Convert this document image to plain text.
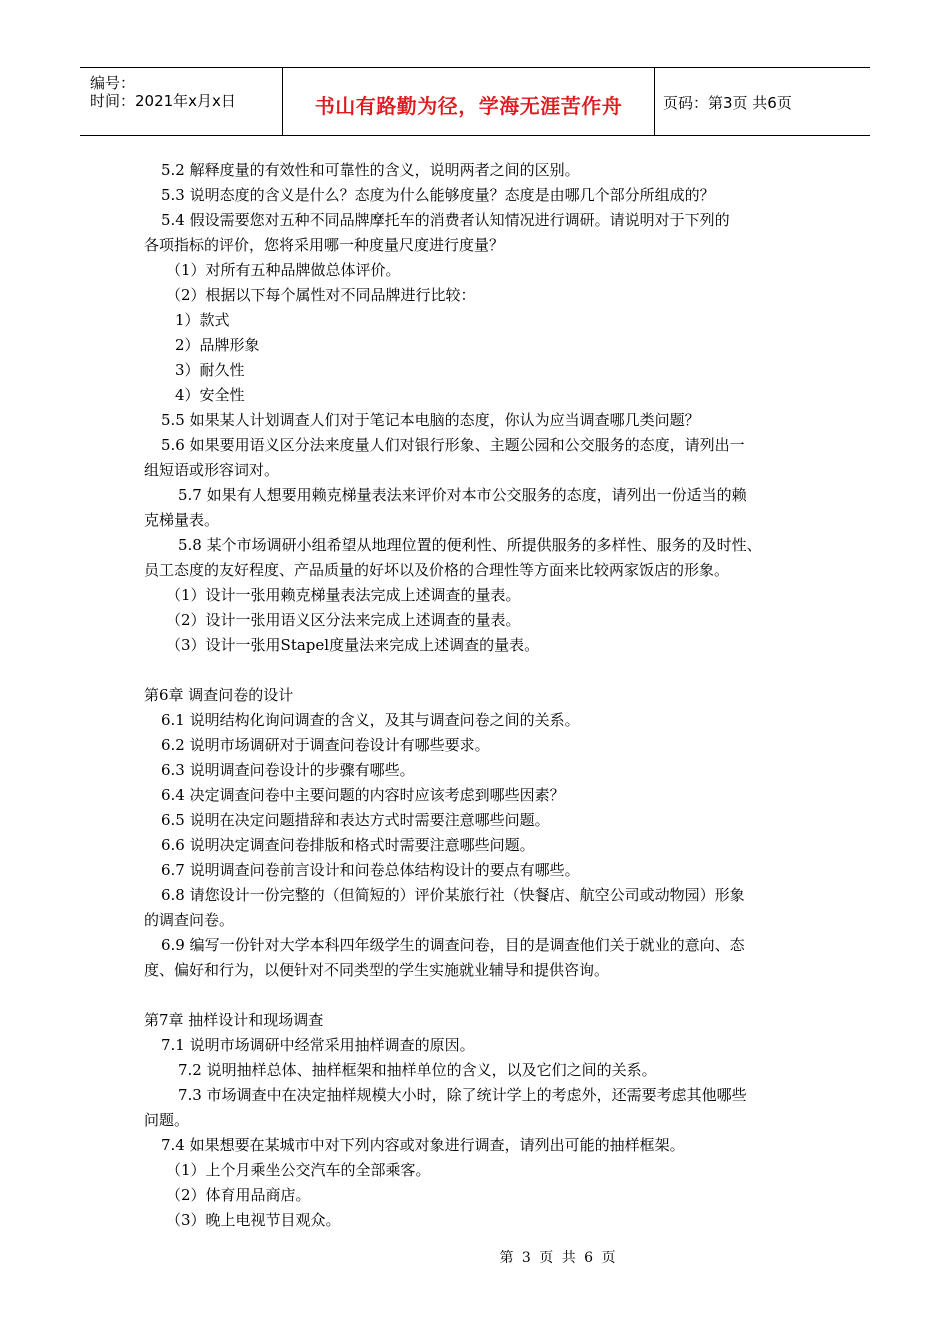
编号：
时间：2021年x月x日	书山有路勤为径，学海无涯苦作舟	页码：第3页 共6页
5.2 解释度量的有效性和可靠性的含义，说明两者之间的区别。
5.3 说明态度的含义是什么？态度为什么能够度量？态度是由哪几个部分所组成的？
5.4 假设需要您对五种不同品牌摩托车的消费者认知情况进行调研。请说明对于下列的
各项指标的评价，您将采用哪一种度量尺度进行度量？
（1）对所有五种品牌做总体评价。
（2）根据以下每个属性对不同品牌进行比较：
1）款式
2）品牌形象
3）耐久性
4）安全性
5.5 如果某人计划调查人们对于笔记本电脑的态度，你认为应当调查哪几类问题？
5.6 如果要用语义区分法来度量人们对银行形象、主题公园和公交服务的态度，请列出一
组短语或形容词对。
5.7 如果有人想要用赖克梯量表法来评价对本市公交服务的态度，请列出一份适当的赖
克梯量表。
5.8 某个市场调研小组希望从地理位置的便利性、所提供服务的多样性、服务的及时性、
员工态度的友好程度、产品质量的好坏以及价格的合理性等方面来比较两家饭店的形象。
（1）设计一张用赖克梯量表法完成上述调查的量表。
（2）设计一张用语义区分法来完成上述调查的量表。
（3）设计一张用Stapel度量法来完成上述调查的量表。
第6章 调查问卷的设计
6.1 说明结构化询问调查的含义，及其与调查问卷之间的关系。
6.2 说明市场调研对于调查问卷设计有哪些要求。
6.3 说明调查问卷设计的步骤有哪些。
6.4 决定调查问卷中主要问题的内容时应该考虑到哪些因素？
6.5 说明在决定问题措辞和表达方式时需要注意哪些问题。
6.6 说明决定调查问卷排版和格式时需要注意哪些问题。
6.7 说明调查问卷前言设计和问卷总体结构设计的要点有哪些。
6.8 请您设计一份完整的（但简短的）评价某旅行社（快餐店、航空公司或动物园）形象
的调查问卷。
6.9 编写一份针对大学本科四年级学生的调查问卷，目的是调查他们关于就业的意向、态
度、偏好和行为，以便针对不同类型的学生实施就业辅导和提供咨询。
第7章 抽样设计和现场调查
7.1 说明市场调研中经常采用抽样调查的原因。
7.2 说明抽样总体、抽样框架和抽样单位的含义，以及它们之间的关系。
7.3 市场调查中在决定抽样规模大小时，除了统计学上的考虑外，还需要考虑其他哪些
问题。
7.4 如果想要在某城市中对下列内容或对象进行调查，请列出可能的抽样框架。
（1）上个月乘坐公交汽车的全部乘客。
（2）体育用品商店。
（3）晚上电视节目观众。
第 3 页 共 6 页
